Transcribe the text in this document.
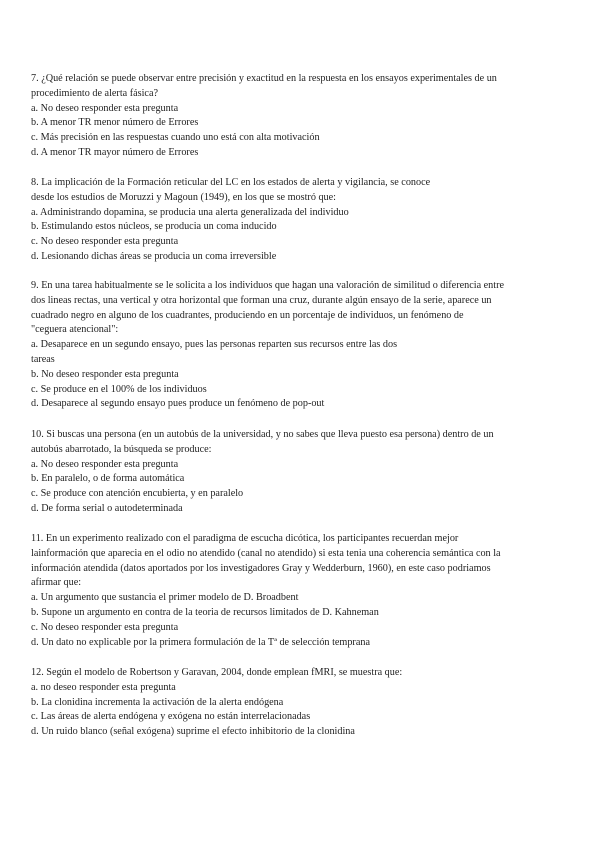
7. ¿Qué relación se puede observar entre precisión y exactitud en la respuesta en los ensayos experimentales de un
procedimiento de alerta fásica?
a. No deseo responder esta pregunta
b. A menor TR menor número de Errores
c. Más precisión en las respuestas cuando uno está con alta motivación
d. A menor TR mayor número de Errores
8. La implicación de la Formación reticular del LC en los estados de alerta y vigilancia, se conoce
desde los estudios de Moruzzi y Magoun (1949), en los que se mostró que:
a. Administrando dopamina, se producia una alerta generalizada del individuo
b. Estimulando estos núcleos, se producia un coma inducido
c. No deseo responder esta pregunta
d. Lesionando dichas áreas se producia un coma irreversible
9. En una tarea habitualmente se le solicita a los individuos que hagan una valoración de similitud o diferencia entre
dos lineas rectas, una vertical y otra horizontal que forman una cruz, durante algún ensayo de la serie, aparece un
cuadrado negro en alguno de los cuadrantes, produciendo en un porcentaje de individuos, un fenómeno de
"ceguera atencional":
a. Desaparece en un segundo ensayo, pues las personas reparten sus recursos entre las dos
tareas
b. No deseo responder esta pregunta
c. Se produce en el 100% de los individuos
d. Desaparece al segundo ensayo pues produce un fenómeno de pop-out
10. Si buscas una persona (en un autobús de la universidad, y no sabes que lleva puesto esa persona) dentro de un
autobús abarrotado, la búsqueda se produce:
a. No deseo responder esta pregunta
b. En paralelo, o de forma automática
c. Se produce con atención encubierta, y en paralelo
d. De forma serial o autodeterminada
11. En un experimento realizado con el paradigma de escucha dicótica, los participantes recuerdan mejor
lainformación que aparecia en el odio no atendido (canal no atendido) si esta tenia una coherencia semántica con la
información atendida (datos aportados por los investigadores Gray y Wedderburn, 1960), en este caso podriamos
afirmar que:
a. Un argumento que sustancia el primer modelo de D. Broadbent
b. Supone un argumento en contra de la teoria de recursos limitados de D. Kahneman
c. No deseo responder esta pregunta
d. Un dato no explicable por la primera formulación de la Tª de selección temprana
12. Según el modelo de Robertson y Garavan, 2004, donde emplean fMRI, se muestra que:
a. no deseo responder esta pregunta
b. La clonidina incrementa la activación de la alerta endógena
c. Las áreas de alerta endógena y exógena no están interrelacionadas
d. Un ruido blanco (señal exógena) suprime el efecto inhibitorio de la clonidina
